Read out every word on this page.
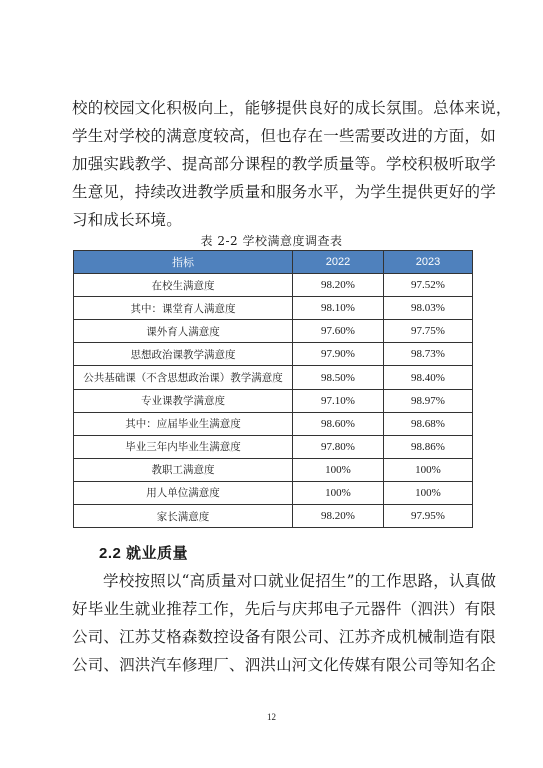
校的校园文化积极向上，能够提供良好的成长氛围。总体来说，
学生对学校的满意度较高，但也存在一些需要改进的方面，如
加强实践教学、提高部分课程的教学质量等。学校积极听取学
生意见，持续改进教学质量和服务水平，为学生提供更好的学
习和成长环境。
表 2-2 学校满意度调查表
指标	2022	2023
在校生满意度	98.20%	97.52%
其中：课堂育人满意度	98.10%	98.03%
课外育人满意度	97.60%	97.75%
思想政治课教学满意度	97.90%	98.73%
公共基础课（不含思想政治课）教学满意度	98.50%	98.40%
专业课教学满意度	97.10%	98.97%
其中：应届毕业生满意度	98.60%	98.68%
毕业三年内毕业生满意度	97.80%	98.86%
教职工满意度	100%	100%
用人单位满意度	100%	100%
家长满意度	98.20%	97.95%
2.2 就业质量
学校按照以“高质量对口就业促招生”的工作思路，认真做
好毕业生就业推荐工作，先后与庆邦电子元器件（泗洪）有限
公司、江苏艾格森数控设备有限公司、江苏齐成机械制造有限
公司、泗洪汽车修理厂、泗洪山河文化传媒有限公司等知名企
12
